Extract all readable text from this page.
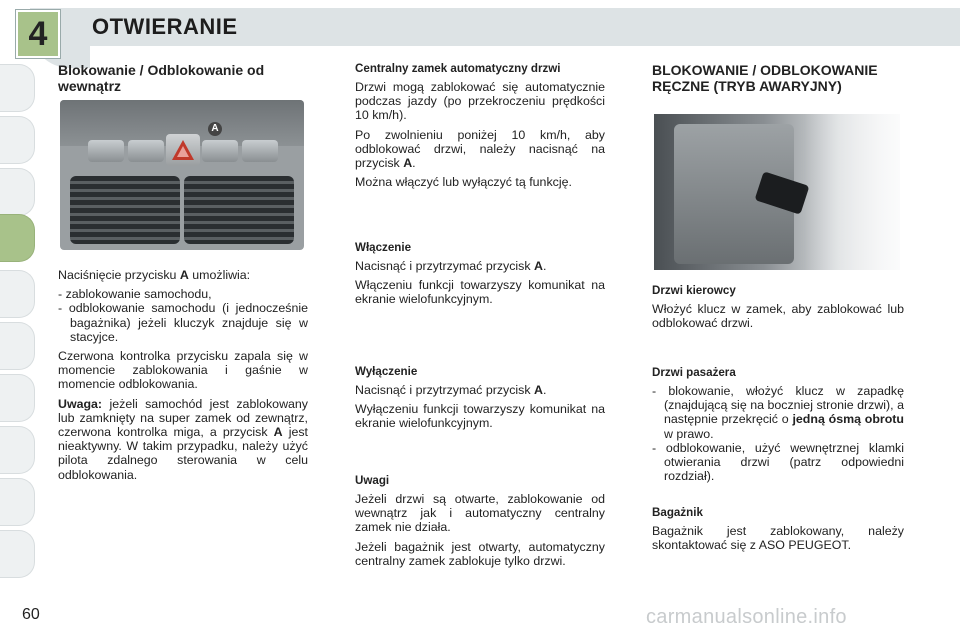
4	OTWIERANIE

Blokowanie / Odblokowanie od wewnątrz

A

Naciśnięcie przycisku A umożliwia:

- zablokowanie samochodu,
- odblokowanie samochodu (i jednocześnie bagażnika) jeżeli kluczyk znajduje się w stacyjce.

Czerwona kontrolka przycisku zapala się w momencie zablokowania i gaśnie w momencie odblokowania.

Uwaga: jeżeli samochód jest zablokowany lub zamknięty na super zamek od zewnątrz, czerwona kontrolka miga, a przycisk A jest nieaktywny. W takim przypadku, należy użyć pilota zdalnego sterowania w celu odblokowania.

Centralny zamek automatyczny drzwi

Drzwi mogą zablokować się automatycznie podczas jazdy (po przekroczeniu prędkości 10 km/h).

Po zwolnieniu poniżej 10 km/h, aby odblokować drzwi, należy nacisnąć na przycisk A.

Można włączyć lub wyłączyć tą funkcję.

Włączenie

Nacisnąć i przytrzymać przycisk A.

Włączeniu funkcji towarzyszy komunikat na ekranie wielofunkcyjnym.

Wyłączenie

Nacisnąć i przytrzymać przycisk A.

Wyłączeniu funkcji towarzyszy komunikat na ekranie wielofunkcyjnym.

Uwagi

Jeżeli drzwi są otwarte, zablokowanie od wewnątrz jak i automatyczny centralny zamek nie działa.

Jeżeli bagażnik jest otwarty, automatyczny centralny zamek zablokuje tylko drzwi.

BLOKOWANIE / ODBLOKOWANIE RĘCZNE (TRYB AWARYJNY)

Drzwi kierowcy

Włożyć klucz w zamek, aby zablokować lub odblokować drzwi.

Drzwi pasażera

- blokowanie, włożyć klucz w zapadkę (znajdującą się na boczniej stronie drzwi), a następnie przekręcić o jedną ósmą obrotu w prawo.
- odblokowanie, użyć wewnętrznej klamki otwierania drzwi (patrz odpowiedni rozdział).

Bagażnik

Bagażnik jest zablokowany, należy skontaktować się z ASO PEUGEOT.

60	carmanualsonline.info
